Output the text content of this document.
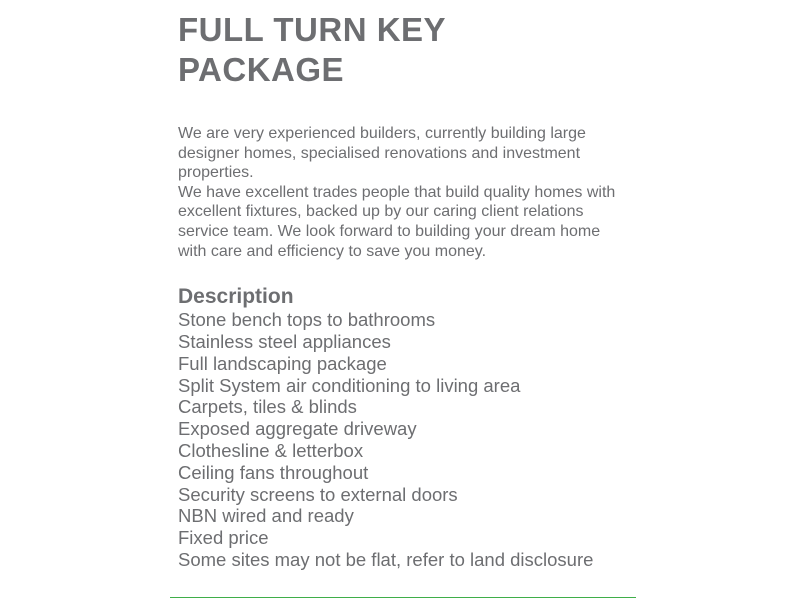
FULL TURN KEY
PACKAGE

We are very experienced builders, currently building large designer homes, specialised renovations and investment properties.

We have excellent trades people that build quality homes with excellent fixtures, backed up by our caring client relations service team. We look forward to building your dream home with care and efficiency to save you money.

Description
Stone bench tops to bathrooms
Stainless steel appliances
Full landscaping package
Split System air conditioning to living area
Carpets, tiles & blinds
Exposed aggregate driveway
Clothesline & letterbox
Ceiling fans throughout
Security screens to external doors
NBN wired and ready
Fixed price
Some sites may not be flat, refer to land disclosure
